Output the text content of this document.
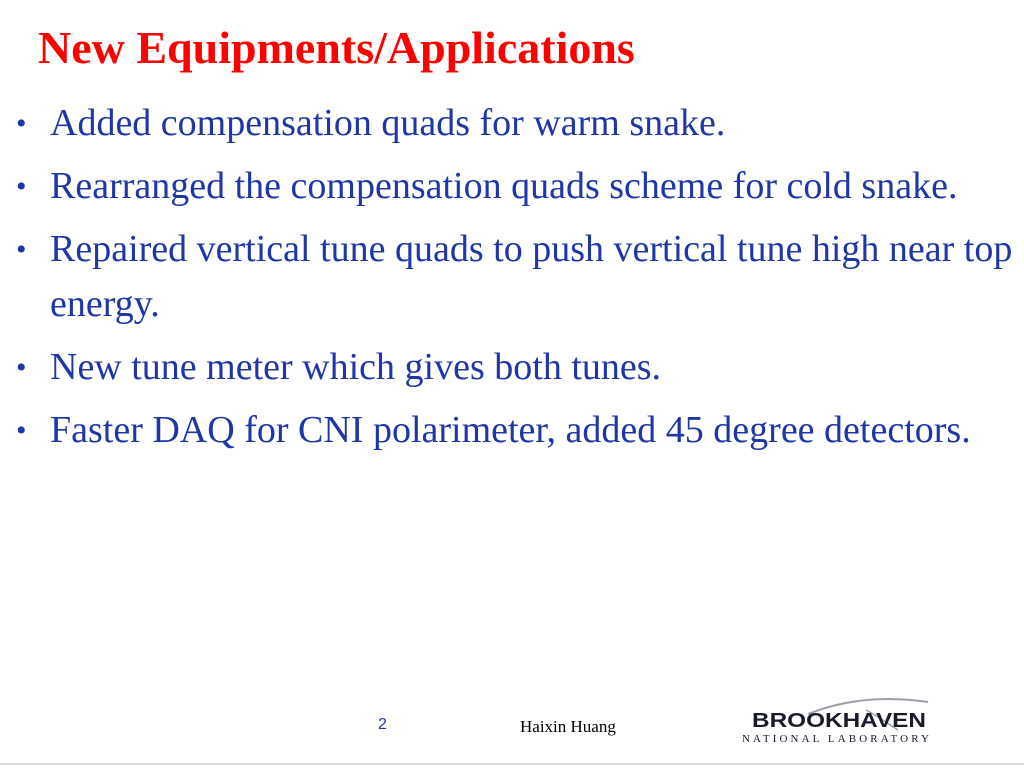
New Equipments/Applications
• Added compensation quads for warm snake.
• Rearranged the compensation quads scheme for cold snake.
• Repaired vertical tune quads to push vertical tune high near top energy.
• New tune meter which gives both tunes.
• Faster DAQ for CNI polarimeter, added 45 degree detectors.
2	Haixin Huang	BROOKHAVEN
NATIONAL LABORATORY
